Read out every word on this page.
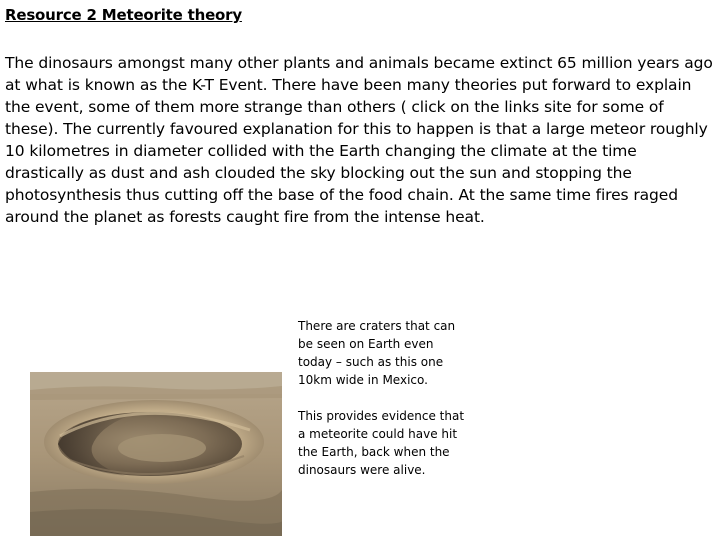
Resource 2 Meteorite theory
The dinosaurs amongst many other plants and animals became extinct 65 million years ago at what is known as the K-T Event. There have been many theories put forward to explain the event, some of them more strange than others ( click on the links site for some of these). The currently favoured explanation for this to happen is that a large meteor roughly 10 kilometres in diameter collided with the Earth changing the climate at the time drastically as dust and ash clouded the sky blocking out the sun and stopping the photosynthesis thus cutting off the base of the food chain. At the same time fires raged around the planet as forests caught fire from the intense heat.
There are craters that can be seen on Earth even today – such as this one 10km wide in Mexico.
This provides evidence that a meteorite could have hit the Earth, back when the dinosaurs were alive.
